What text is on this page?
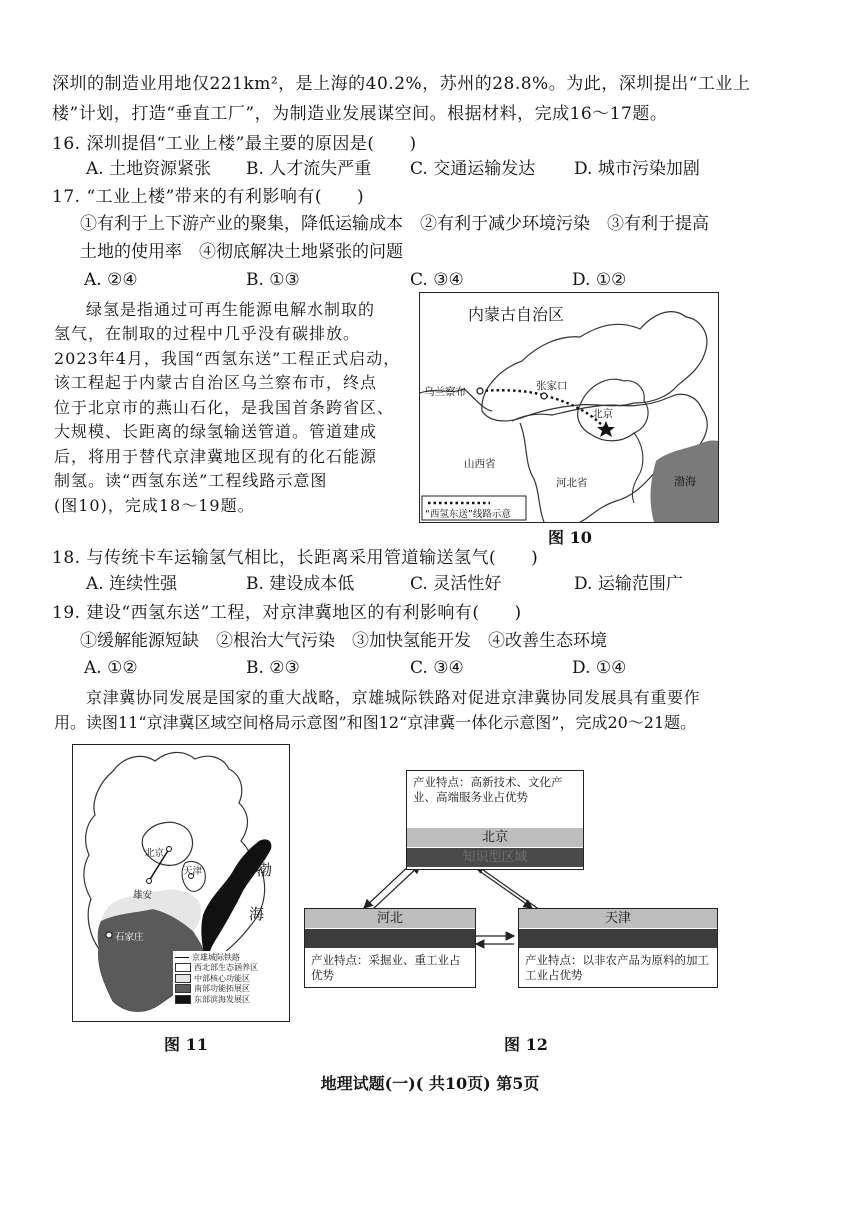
深圳的制造业用地仅221km²，是上海的40.2%，苏州的28.8%。为此，深圳提出“工业上
楼”计划，打造“垂直工厂”，为制造业发展谋空间。根据材料，完成16～17题。
16. 深圳提倡“工业上楼”最主要的原因是(　　)
A. 土地资源紧张 B. 人才流失严重 C. 交通运输发达 D. 城市污染加剧
17. “工业上楼”带来的有利影响有(　　)
①有利于上下游产业的聚集，降低运输成本　②有利于减少环境污染　③有利于提高
土地的使用率　④彻底解决土地紧张的问题
A. ②④	B. ①③	C. ③④	D. ①②
绿氢是指通过可再生能源电解水制取的
氢气，在制取的过程中几乎没有碳排放。
2023年4月，我国“西氢东送”工程正式启动，
该工程起于内蒙古自治区乌兰察布市，终点
位于北京市的燕山石化，是我国首条跨省区、
大规模、长距离的绿氢输送管道。管道建成
后，将用于替代京津冀地区现有的化石能源
制氢。读“西氢东送”工程线路示意图
(图10)，完成18～19题。
内蒙古自治区
乌兰察布	张家口
北京
山西省
河北省	渤海
“西氢东送”线路示意
图 10
18. 与传统卡车运输氢气相比，长距离采用管道输送氢气(　　)
A. 连续性强	B. 建设成本低	C. 灵活性好	D. 运输范围广
19. 建设“西氢东送”工程，对京津冀地区的有利影响有(　　)
①缓解能源短缺　②根治大气污染　③加快氢能开发　④改善生态环境
A. ①②	B. ②③	C. ③④	D. ①④
京津冀协同发展是国家的重大战略，京雄城际铁路对促进京津冀协同发展具有重要作
用。读图11“京津冀区域空间格局示意图”和图12“京津冀一体化示意图”，完成20～21题。
北京
天津
雄安
石家庄
渤
海
京雄城际铁路
西北部生态涵养区
中部核心功能区
南部功能拓展区
东部滨海发展区
图 11
产业特点：高新技术、文化产业、高端服务业占优势
北京
知识型区域
河北
产业特点：采掘业、重工业占优势
天津
产业特点：以非农产品为原料的加工工业占优势
图 12
地理试题(一)( 共10页) 第5页
